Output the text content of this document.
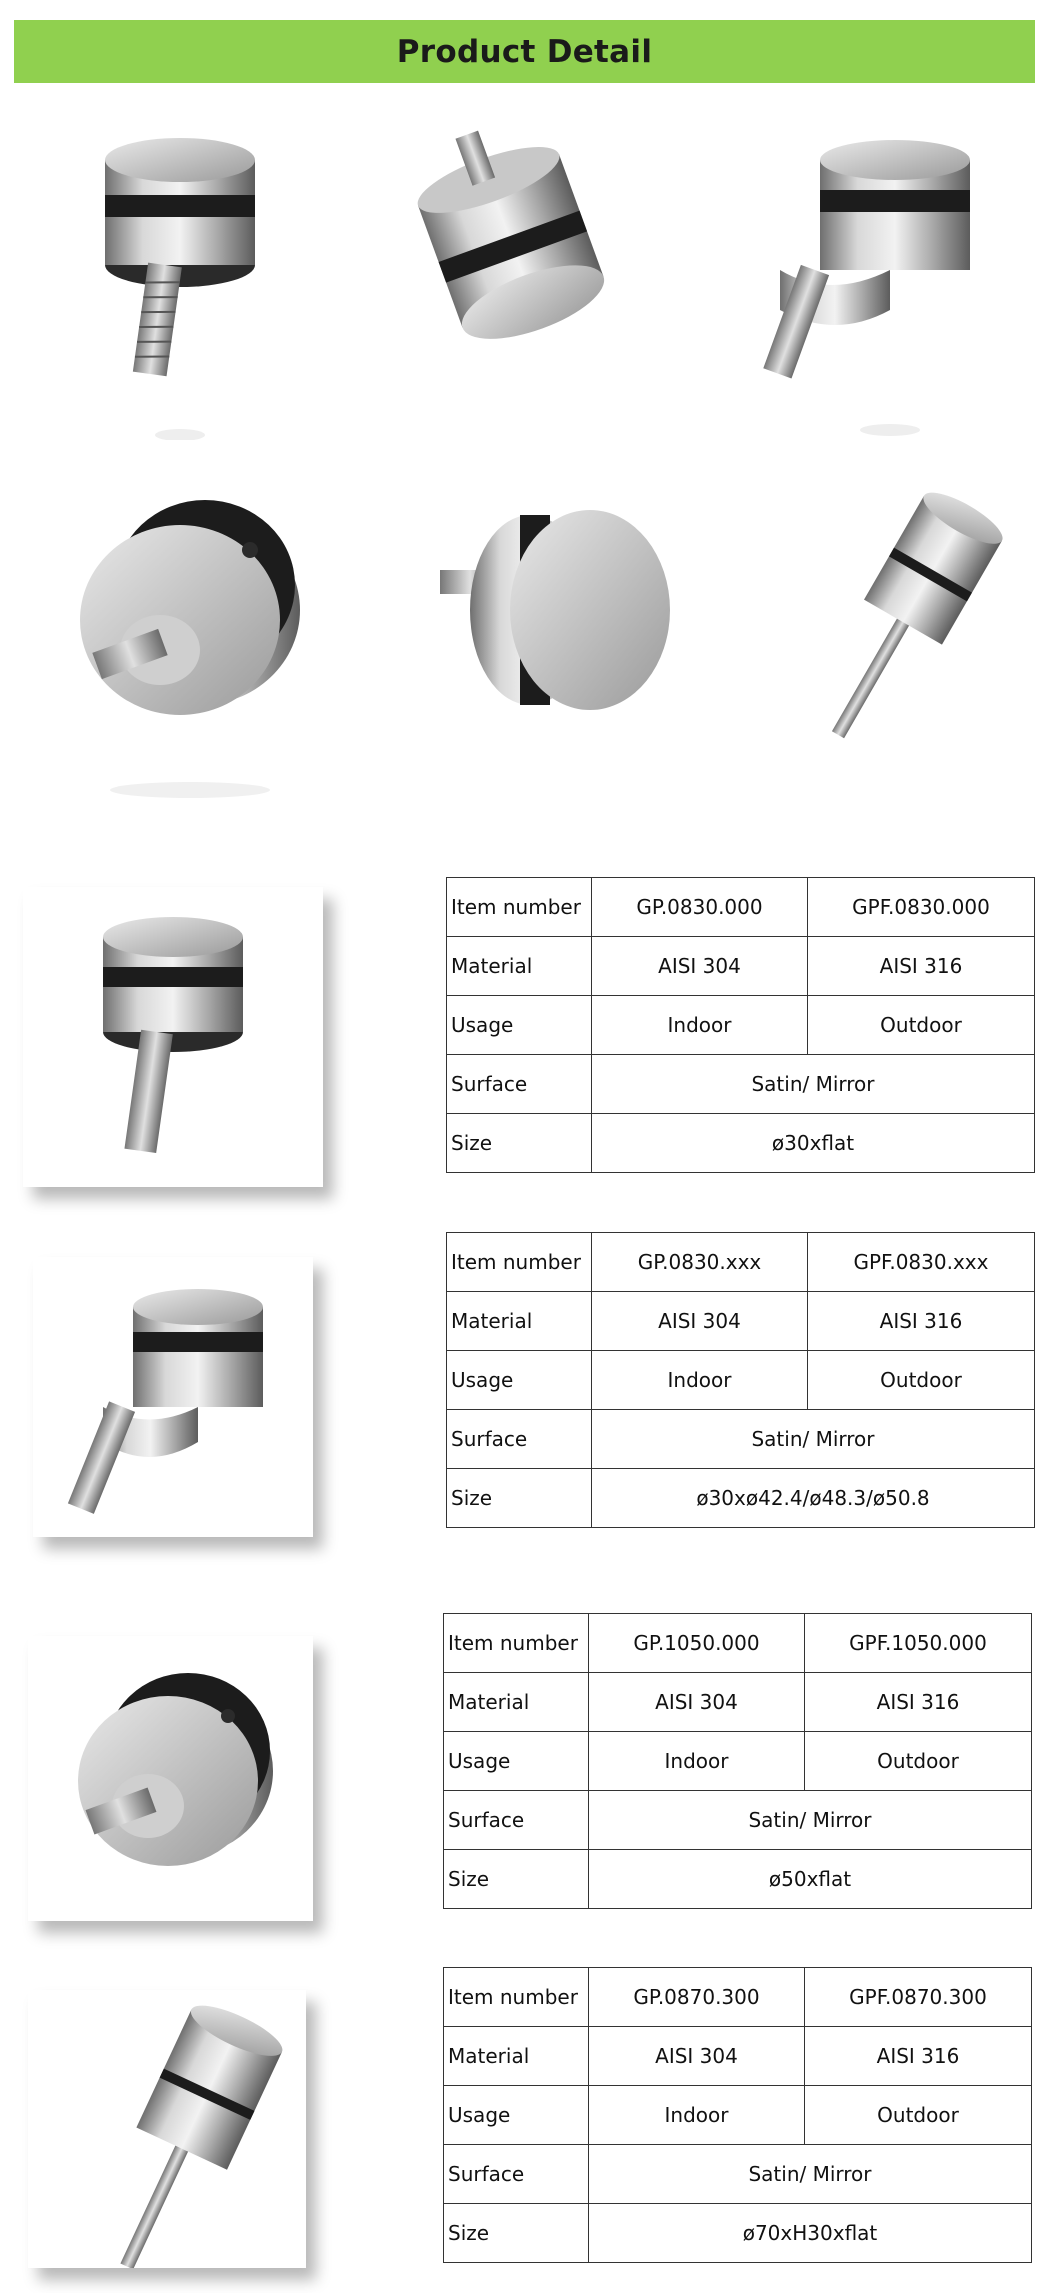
Product Detail
Item number	GP.0830.000	GPF.0830.000
Material	AISI 304	AISI 316
Usage	Indoor	Outdoor
Surface	Satin/ Mirror	
Size	ø30xflat	
Item number	GP.0830.xxx	GPF.0830.xxx
Material	AISI 304	AISI 316
Usage	Indoor	Outdoor
Surface	Satin/ Mirror	
Size	ø30xø42.4/ø48.3/ø50.8	
Item number	GP.1050.000	GPF.1050.000
Material	AISI 304	AISI 316
Usage	Indoor	Outdoor
Surface	Satin/ Mirror	
Size	ø50xflat	
Item number	GP.0870.300	GPF.0870.300
Material	AISI 304	AISI 316
Usage	Indoor	Outdoor
Surface	Satin/ Mirror	
Size	ø70xH30xflat	
